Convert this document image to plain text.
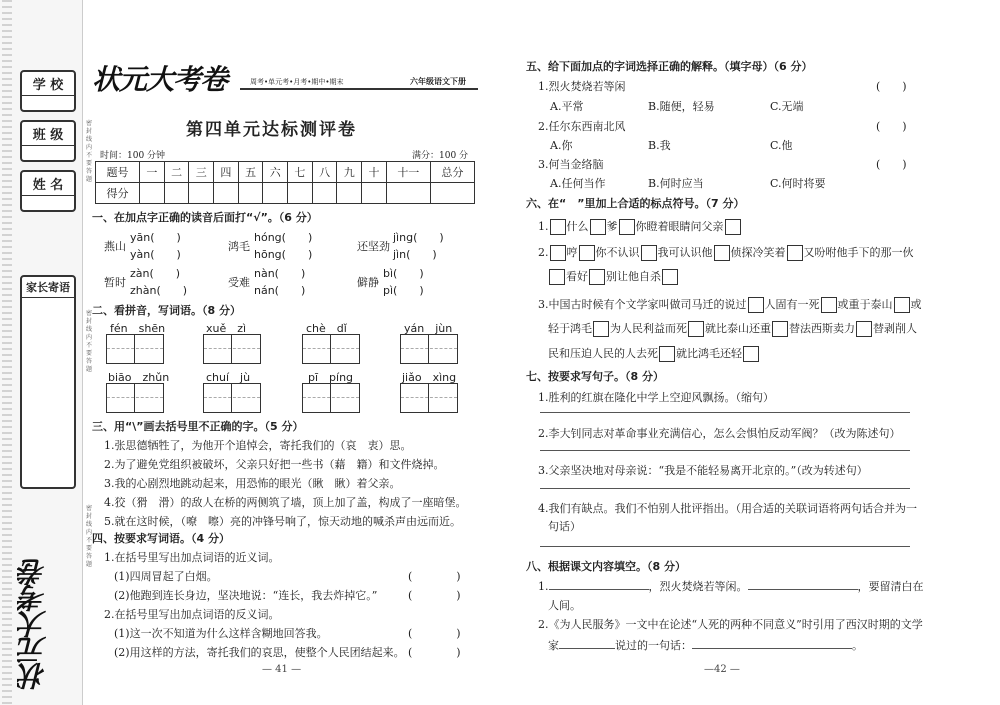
学 校
班 级
姓 名
家长寄语
状元大考卷
密封线内不要答题
密封线内不要答题
密封线内不要答题
状元大考卷	周考•单元考•月考•期中•期末	六年级语文下册
第四单元达标测评卷
时间：100 分钟	满分：100 分
题号	一	二	三	四	五	六	七	八	九	十	十一	总分
得分												
一、在加点字正确的读音后面打“√”。（6 分）
燕山
yān(　　)
yàn(　　)
鸿毛
hóng(　　)
hōng(　　)
还坚劲
jìng(　　)
jìn(　　)
暂时
zàn(　　)
zhàn(　　)
受难
nàn(　　)
nán(　　)
僻静
bì(　　)
pì(　　)
二、看拼音，写词语。（8 分）
fén　shēn	xuě　zì	chè　dǐ	yán　jùn
biāo　zhǔn	chuí　jù	pī　píng	jiǎo　xìng
三、用“\”画去括号里不正确的字。（5 分）
1.张思德牺牲了，为他开个追悼会，寄托我们的（哀　衷）思。
2.为了避免党组织被破坏，父亲只好把一些书（藉　籍）和文件烧掉。
3.我的心剧烈地跳动起来，用恐怖的眼光（瞅　瞅）着父亲。
4.狡（猾　滑）的敌人在桥的两侧筑了墙，顶上加了盖，构成了一座暗堡。
5.就在这时候，（嘹　嚓）亮的冲锋号响了，惊天动地的喊杀声由远而近。
四、按要求写词语。（4 分）
1.在括号里写出加点词语的近义词。
(1)四周冒起了白烟。	(　　　　)
(2)他跑到连长身边，坚决地说：“连长，我去炸掉它。”	(　　　　)
2.在括号里写出加点词语的反义词。
(1)这一次不知道为什么这样含糊地回答我。	(　　　　)
(2)用这样的方法，寄托我们的哀思，使整个人民团结起来。 (　　　　)
— 41 —
五、给下面加点的字词选择正确的解释。（填字母）（6 分）
1.烈火焚烧若等闲	(　　)
A.平常	B.随便，轻易	C.无端
2.任尔东西南北风	(　　)
A.你	B.我	C.他
3.何当金络脑	(　　)
A.任何当作	B.何时应当	C.何时将要
六、在“　”里加上合适的标点符号。（7 分）
1. 什么 爹 你瞪着眼睛问父亲
2. 哼 你不认识 我可认识他 侦探冷笑着 又吩咐他手下的那一伙
看好 别让他自杀
3.中国古时候有个文学家叫做司马迁的说过 人固有一死 或重于泰山 或
轻于鸿毛 为人民利益而死 就比泰山还重 替法西斯卖力 替剥削人
民和压迫人民的人去死 就比鸿毛还轻
七、按要求写句子。（8 分）
1.胜利的红旗在隆化中学上空迎风飘扬。（缩句）
2.李大钊同志对革命事业充满信心，怎么会惧怕反动军阀？（改为陈述句）
3.父亲坚决地对母亲说：“我是不能轻易离开北京的。”（改为转述句）
4.我们有缺点。我们不怕别人批评指出。（用合适的关联词语将两句话合并为一
句话）
八、根据课文内容填空。（8 分）
1.	，烈火焚烧若等闲。	，要留清白在
人间。
2.《为人民服务》一文中在论述“人死的两种不同意义”时引用了西汉时期的文学
家	说过的一句话：	。
—42 —
